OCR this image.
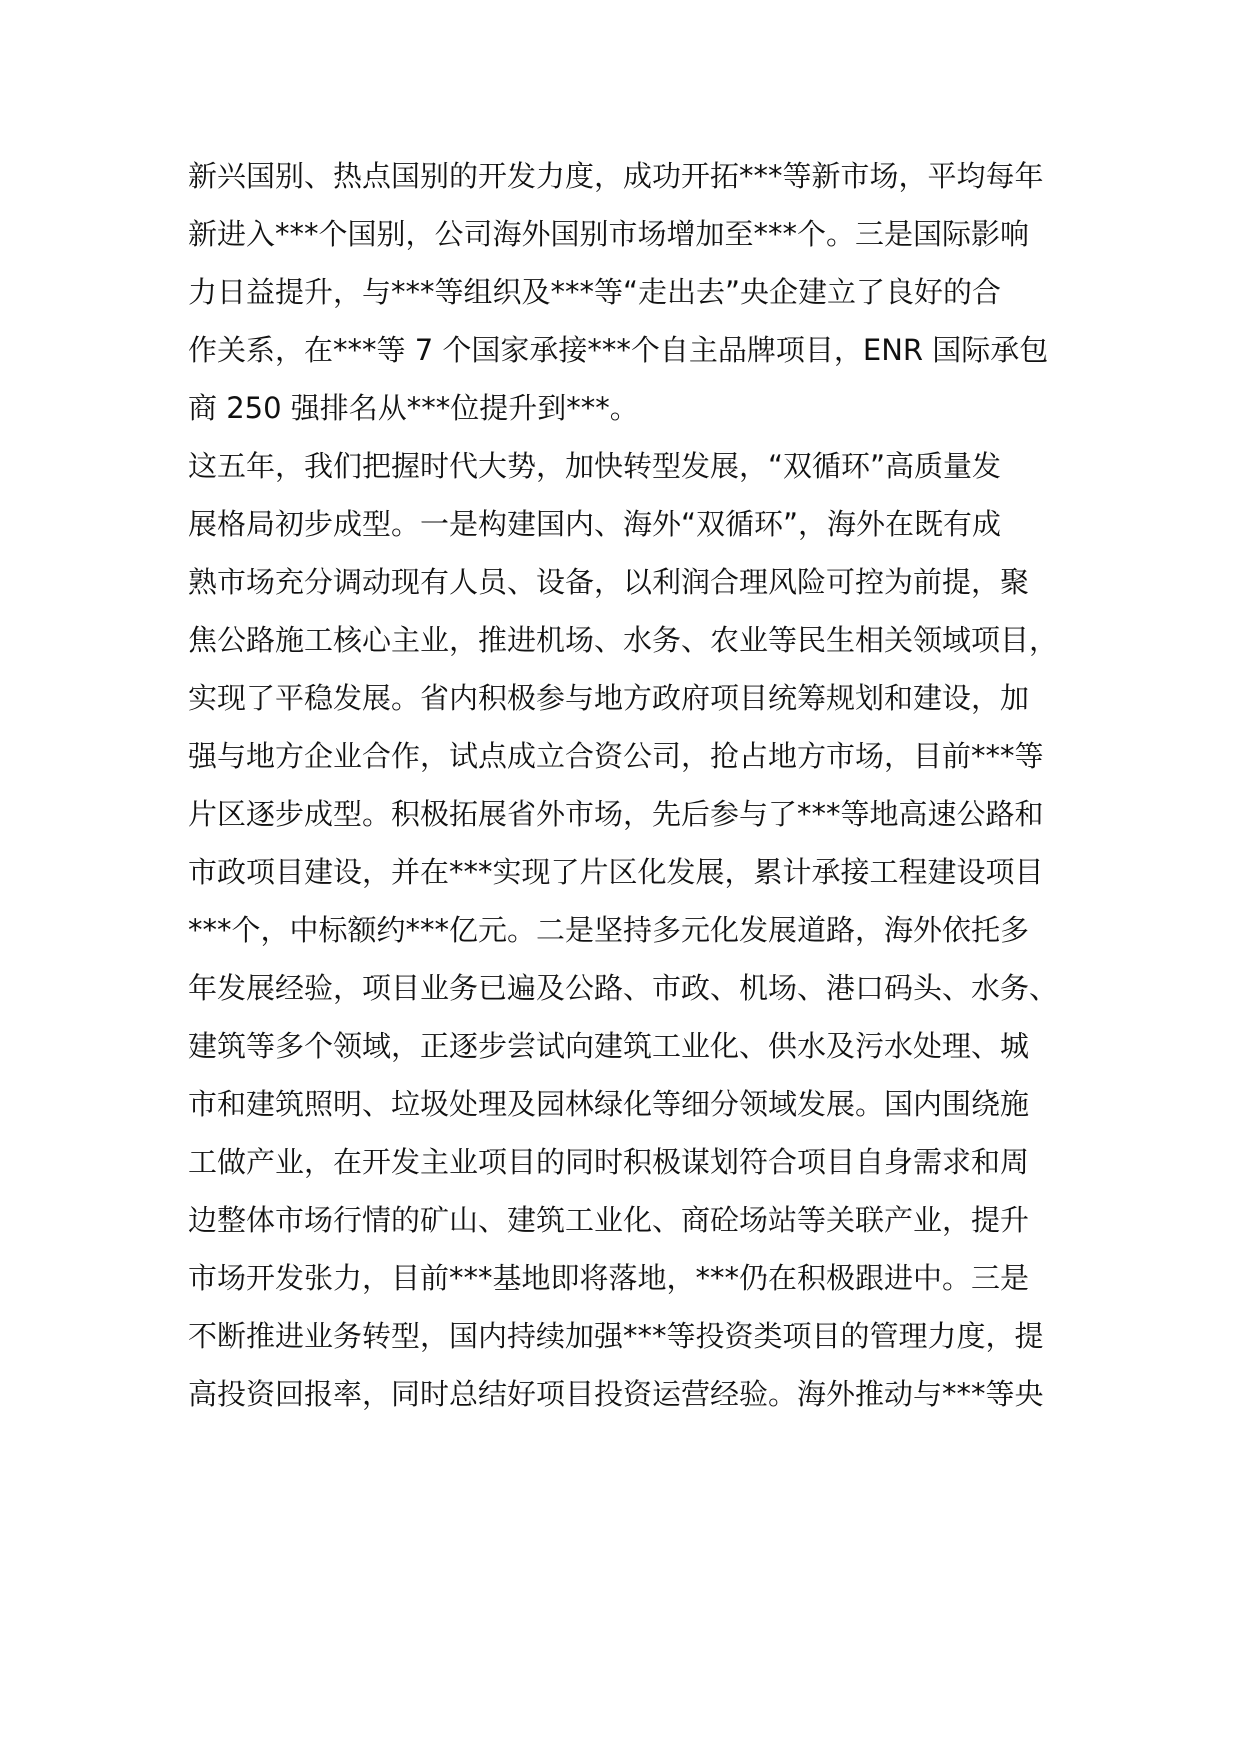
新兴国别、热点国别的开发力度，成功开拓***等新市场，平均每年

新进入***个国别，公司海外国别市场增加至***个。三是国际影响

力日益提升，与***等组织及***等“走出去”央企建立了良好的合

作关系，在***等 7 个国家承接***个自主品牌项目，ENR 国际承包

商 250 强排名从***位提升到***。

这五年，我们把握时代大势，加快转型发展，“双循环”高质量发

展格局初步成型。一是构建国内、海外“双循环”，海外在既有成

熟市场充分调动现有人员、设备，以利润合理风险可控为前提，聚

焦公路施工核心主业，推进机场、水务、农业等民生相关领域项目，

实现了平稳发展。省内积极参与地方政府项目统筹规划和建设，加

强与地方企业合作，试点成立合资公司，抢占地方市场，目前***等

片区逐步成型。积极拓展省外市场，先后参与了***等地高速公路和

市政项目建设，并在***实现了片区化发展，累计承接工程建设项目

***个，中标额约***亿元。二是坚持多元化发展道路，海外依托多

年发展经验，项目业务已遍及公路、市政、机场、港口码头、水务、

建筑等多个领域，正逐步尝试向建筑工业化、供水及污水处理、城

市和建筑照明、垃圾处理及园林绿化等细分领域发展。国内围绕施

工做产业，在开发主业项目的同时积极谋划符合项目自身需求和周

边整体市场行情的矿山、建筑工业化、商砼场站等关联产业，提升

市场开发张力，目前***基地即将落地，***仍在积极跟进中。三是

不断推进业务转型，国内持续加强***等投资类项目的管理力度，提

高投资回报率，同时总结好项目投资运营经验。海外推动与***等央
